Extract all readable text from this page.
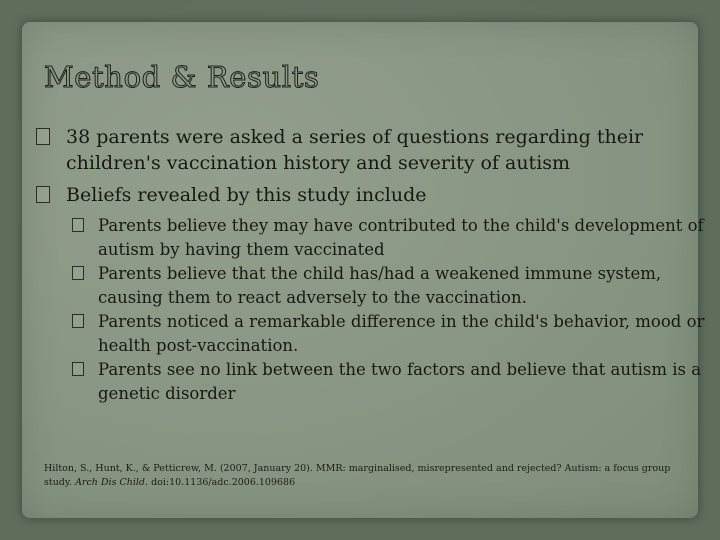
Method & Results

38 parents were asked a series of questions regarding their children's vaccination history and severity of autism

Beliefs revealed by this study include

Parents believe they may have contributed to the child's development of autism by having them vaccinated

Parents believe that the child has/had a weakened immune system, causing them to react adversely to the vaccination.

Parents noticed a remarkable difference in the child's behavior, mood or health post-vaccination.

Parents see no link between the two factors and believe that autism is a genetic disorder

Hilton, S., Hunt, K., & Petticrew, M. (2007, January 20). MMR: marginalised, misrepresented and rejected? Autism: a focus group study. Arch Dis Child. doi:10.1136/adc.2006.109686
